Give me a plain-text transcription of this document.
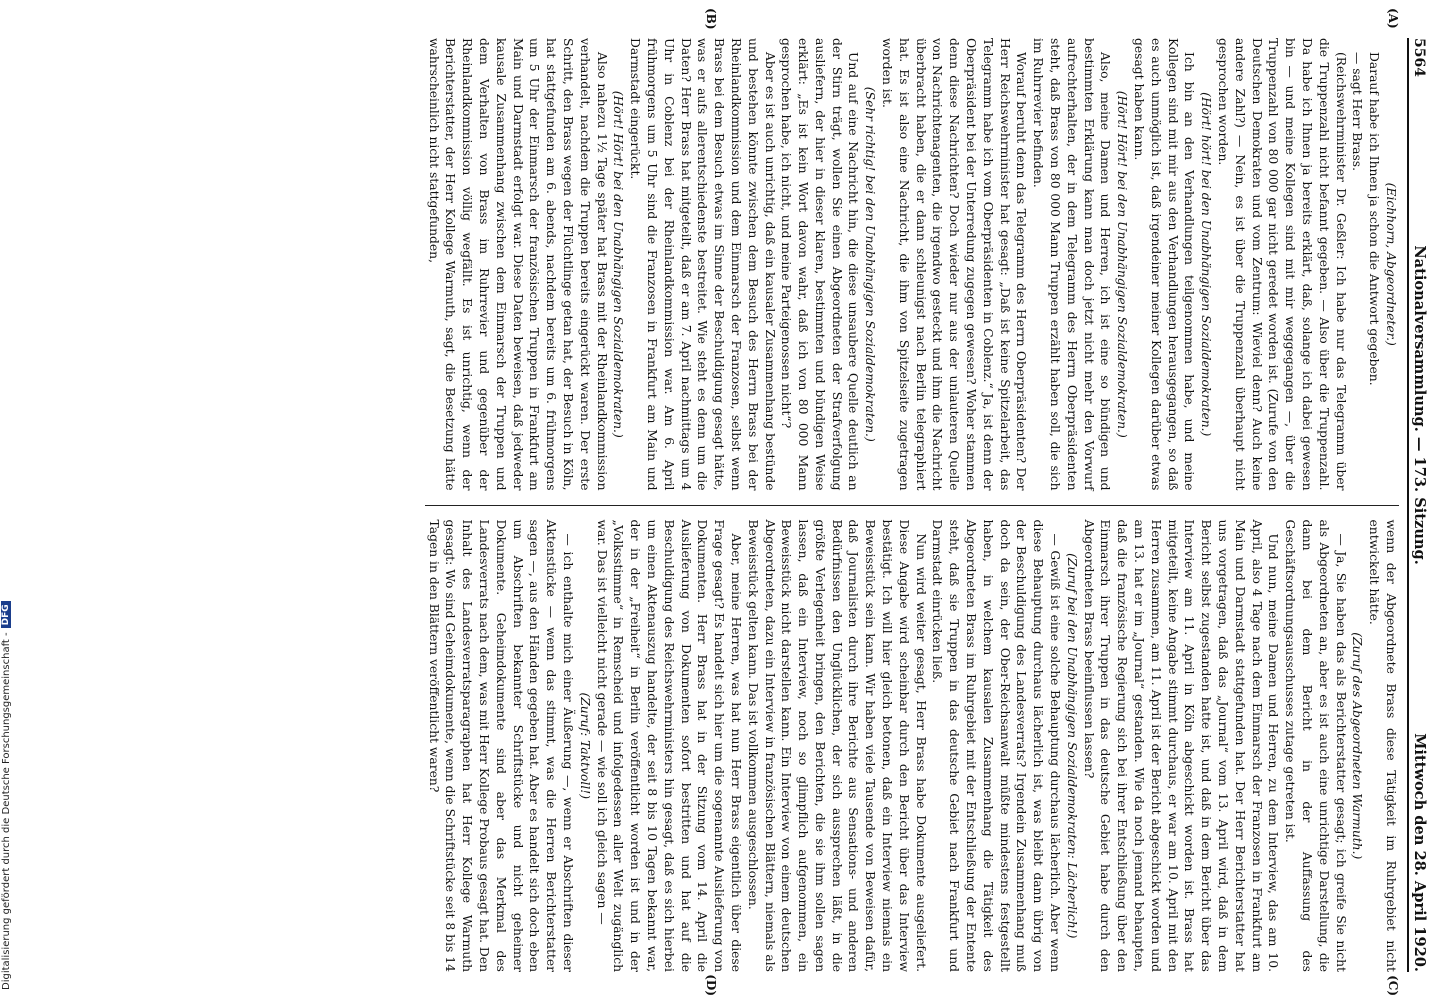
5564
Nationalversammlung. — 173. Sitzung.
Mittwoch den 28. April 1920.
(A)
(B)
(C)
(D)

(Eichhorn, Abgeordneter.)

Darauf habe ich Ihnen ja schon die Antwort gegeben.

— sagt Herr Brass.

(Reichswehrminister Dr. Geßler: Ich habe nur das Telegramm über die Truppenzahl nicht befannt gegeben. — Also über die Truppenzahl. Da habe ich Ihnen ja bereits erklärt, daß, solange ich dabei gewesen bin — und meine Kollegen sind mit mir weggegangen —, über die Truppenzahl von 80 000 gar nicht geredet worden ist. (Zurufe von den Deutschen Demokraten und vom Zentrum: Wieviel denn? Auch keine andere Zahl?) — Nein, es ist über die Truppenzahl überhaupt nicht gesprochen worden.

(Hört! hört! bei den Unabhängigen Sozialdemokraten.)

Ich bin an den Verhandlungen teilgenommen habe, und meine Kollegen sind mit mir aus den Verhandlungen herausgegangen, so daß es auch unmöglich ist, daß irgendeiner meiner Kollegen darüber etwas gesagt haben kann.

(Hört! Hört! bei den Unabhängigen Sozialdemokraten.)

Also, meine Damen und Herren, ich ist eine so bündigen und bestimmten Erklärung kann man doch jetzt nicht mehr den Vorwurf aufrechterhalten, der in dem Telegramm des Herrn Oberpräsidenten steht, daß Brass von 80 000 Mann Truppen erzählt haben soll, die sich im Ruhrrevier befinden.

Worauf beruht denn das Telegramm des Herrn Oberpräsidenten? Der Herr Reichswehrminister hat gesagt: „Daß ist keine Spitzelarbeit, das Telegramm habe ich vom Oberpräsidenten in Coblenz.“ Ja, ist denn der Oberpräsident bei der Unterredung zugegen gewesen? Woher stammen denn diese Nachrichten? Doch wieder nur aus der unlauteren Quelle von Nachrichtenagenten, die irgendwo gesteckt und ihm die Nachricht überbracht haben, die er dann schleunigst nach Berlin telegraphiert hat. Es ist also eine Nachricht, die ihm von Spitzelseite zugetragen worden ist.

(Sehr richtig! bei den Unabhängigen Sozialdemokraten.)

Und auf eine Nachricht hin, die diese unsaubere Quelle deutlich an der Stirn trägt, wollen Sie einen Abgeordneten der Strafverfolgung ausliefern, der hier in dieser klaren, bestimmten und bündigen Weise erklärt: „Es ist kein Wort davon wahr, daß ich von 80 000 Mann gesprochen habe, ich nicht, und meine Parteigenossen nicht“?

Aber es ist auch unrichtig, daß ein kausaler Zusammenhang bestünde und bestehen könnte zwischen dem Besuch des Herrn Brass bei der Rheinlandkommission und dem Einmarsch der Franzosen, selbst wenn Brass bei dem Besuch etwas im Sinne der Beschuldigung gesagt hätte, was er aufs allerentschiedenste bestreitet. Wie steht es denn um die Daten? Herr Brass hat mitgeteilt, daß er am 7. April nachmittags um 4 Uhr in Coblenz bei der Rheinlandkommission war. Am 6. April frühmorgens um 5 Uhr sind die Franzosen in Frankfurt am Main und Darmstadt eingerückt.

(Hört! Hört! bei den Unabhängigen Sozialdemokraten.)

Also nahezu 1½ Tage später hat Brass mit der Rheinlandkommission verhandelt, nachdem die Truppen bereits eingerückt waren. Der erste Schritt, den Brass wegen der Flüchtlinge getan hat, der Besuch in Köln, hat stattgefunden am 6. abends, nachdem bereits um 6. frühmorgens um 5 Uhr der Einmarsch der französischen Truppen in Frankfurt am Main und Darmstadt erfolgt war. Diese Daten beweisen, daß jedweder kausale Zusammenhang zwischen dem Einmarsch der Truppen und dem Verhalten von Brass im Ruhrrevier und gegenüber der Rheinlandkommission völlig wegfällt. Es ist unrichtig, wenn der Berichterstatter, der Herr Kollege Warmuth, sagt, die Besetzung hätte wahrscheinlich nicht stattgefunden,

wenn der Abgeordnete Brass diese Tätigkeit im Ruhrgebiet nicht entwickelt hätte.

(Zuruf des Abgeordneten Warmuth.)

— Ja, Sie haben das als Berichterstatter gesagt; ich greife Sie nicht als Abgeordneten an, aber es ist auch eine unrichtige Darstellung, die dann bei dem Bericht in der Auffassung des Geschäftsordnungsausschusses zutage getreten ist.

Und nun, meine Damen und Herren, zu dem Interview, das am 10. April, also 4 Tage nach dem Einmarsch der Franzosen in Frankfurt am Main und Darmstadt stattgefunden hat. Der Herr Berichterstatter hat uns vorgetragen, daß das „Journal“ vom 13. April wird, daß in dem Bericht selbst zugestanden hatte ist, und daß in dem Bericht über das Interview am 11. April in Köln abgeschickt worden ist. Brass hat mitgeteilt, keine Angabe stimmt durchaus, er war am 10. April mit den Herren zusammen, am 11. April ist der Bericht abgeschickt worden und am 13. hat er im „Journal“ gestanden. Wie da noch jemand behaupten, daß die französische Regierung sich bei ihrer Entschließung über den Einmarsch ihrer Truppen in das deutsche Gebiet habe durch den Abgeordneten Brass beeinflussen lassen?

(Zuruf bei den Unabhängigen Sozialdemokraten: Lächerlich!)

— Gewiß ist eine solche Behauptung durchaus lächerlich. Aber wenn diese Behauptung durchaus lächerlich ist, was bleibt dann übrig von der Beschuldigung des Landesverrats? Irgendein Zusammenhang muß doch da sein, der Ober-Reichsanwalt müßte mindestens festgestellt haben, in welchem kausalen Zusammenhang die Tätigkeit des Abgeordneten Brass im Ruhrgebiet mit der Entschließung der Entente steht, daß sie Truppen in das deutsche Gebiet nach Frankfurt und Darmstadt einrücken ließ.

Nun wird weiter gesagt, Herr Brass habe Dokumente ausgeliefert. Diese Angabe wird scheinbar durch den Bericht über das Interview bestätigt. Ich will hier gleich betonen, daß ein Interview niemals ein Beweisstück sein kann. Wir haben viele Tausende von Beweisen dafür, daß Journalisten durch ihre Berichte aus Sensations- und anderen Bedürfnissen den Unglücklichen, der sich aussprechen läßt, in die größte Verlegenheit bringen, den Berichten, die sie ihm sollen sagen lassen, daß ein Interview, noch so glimpflich aufgenommen, ein Beweisstück nicht darstellen kann. Ein Interview von einem deutschen Abgeordneten, dazu ein Interview in französischen Blättern, niemals als Beweisstück gelten kann. Das ist vollkommen ausgeschlossen.

Aber, meine Herren, was hat nun Herr Brass eigentlich über diese Frage gesagt? Es handelt sich hier um die sogenannte Auslieferung von Dokumenten. Herr Brass hat in der Sitzung vom 14. April die Auslieferung von Dokumenten sofort bestritten und hat auf die Beschuldigung des Reichswehrministers hin gesagt, daß es sich hierbei um einen Aktenauszug handelte, der seit 8 bis 10 Tagen bekannt war, der in der „Freiheit“ in Berlin veröffentlicht worden ist und in der „Volksstimme“ in Remscheid und infolgedessen aller Welt zugänglich war. Das ist vielleicht nicht gerade — wie soll ich gleich sagen —

(Zuruf: Taktvoll!)

— ich enthalte mich einer Äußerung —, wenn er Abschriften dieser Aktenstücke — wenn das stimmt, was die Herren Berichterstatter sagen —, aus den Händen gegeben hat. Aber es handelt sich doch eben um Abschriften bekannter Schriftstücke und nicht geheimer Dokumente. Geheimdokumente sind aber das Merkmal des Landesverrats nach dem, was mit Herr Kollege Probaus gesagt hat. Den Inhalt des Landesverratsparagraphen hat Herr Kollege Warmuth gesagt: Wo sind Geheimdokumente, wenn die Schriftstücke seit 8 bis 14 Tagen in den Blättern veröffentlicht waren?

Digitalisierung gefördert durch die Deutsche Forschungsgemeinschaft -
DFG
